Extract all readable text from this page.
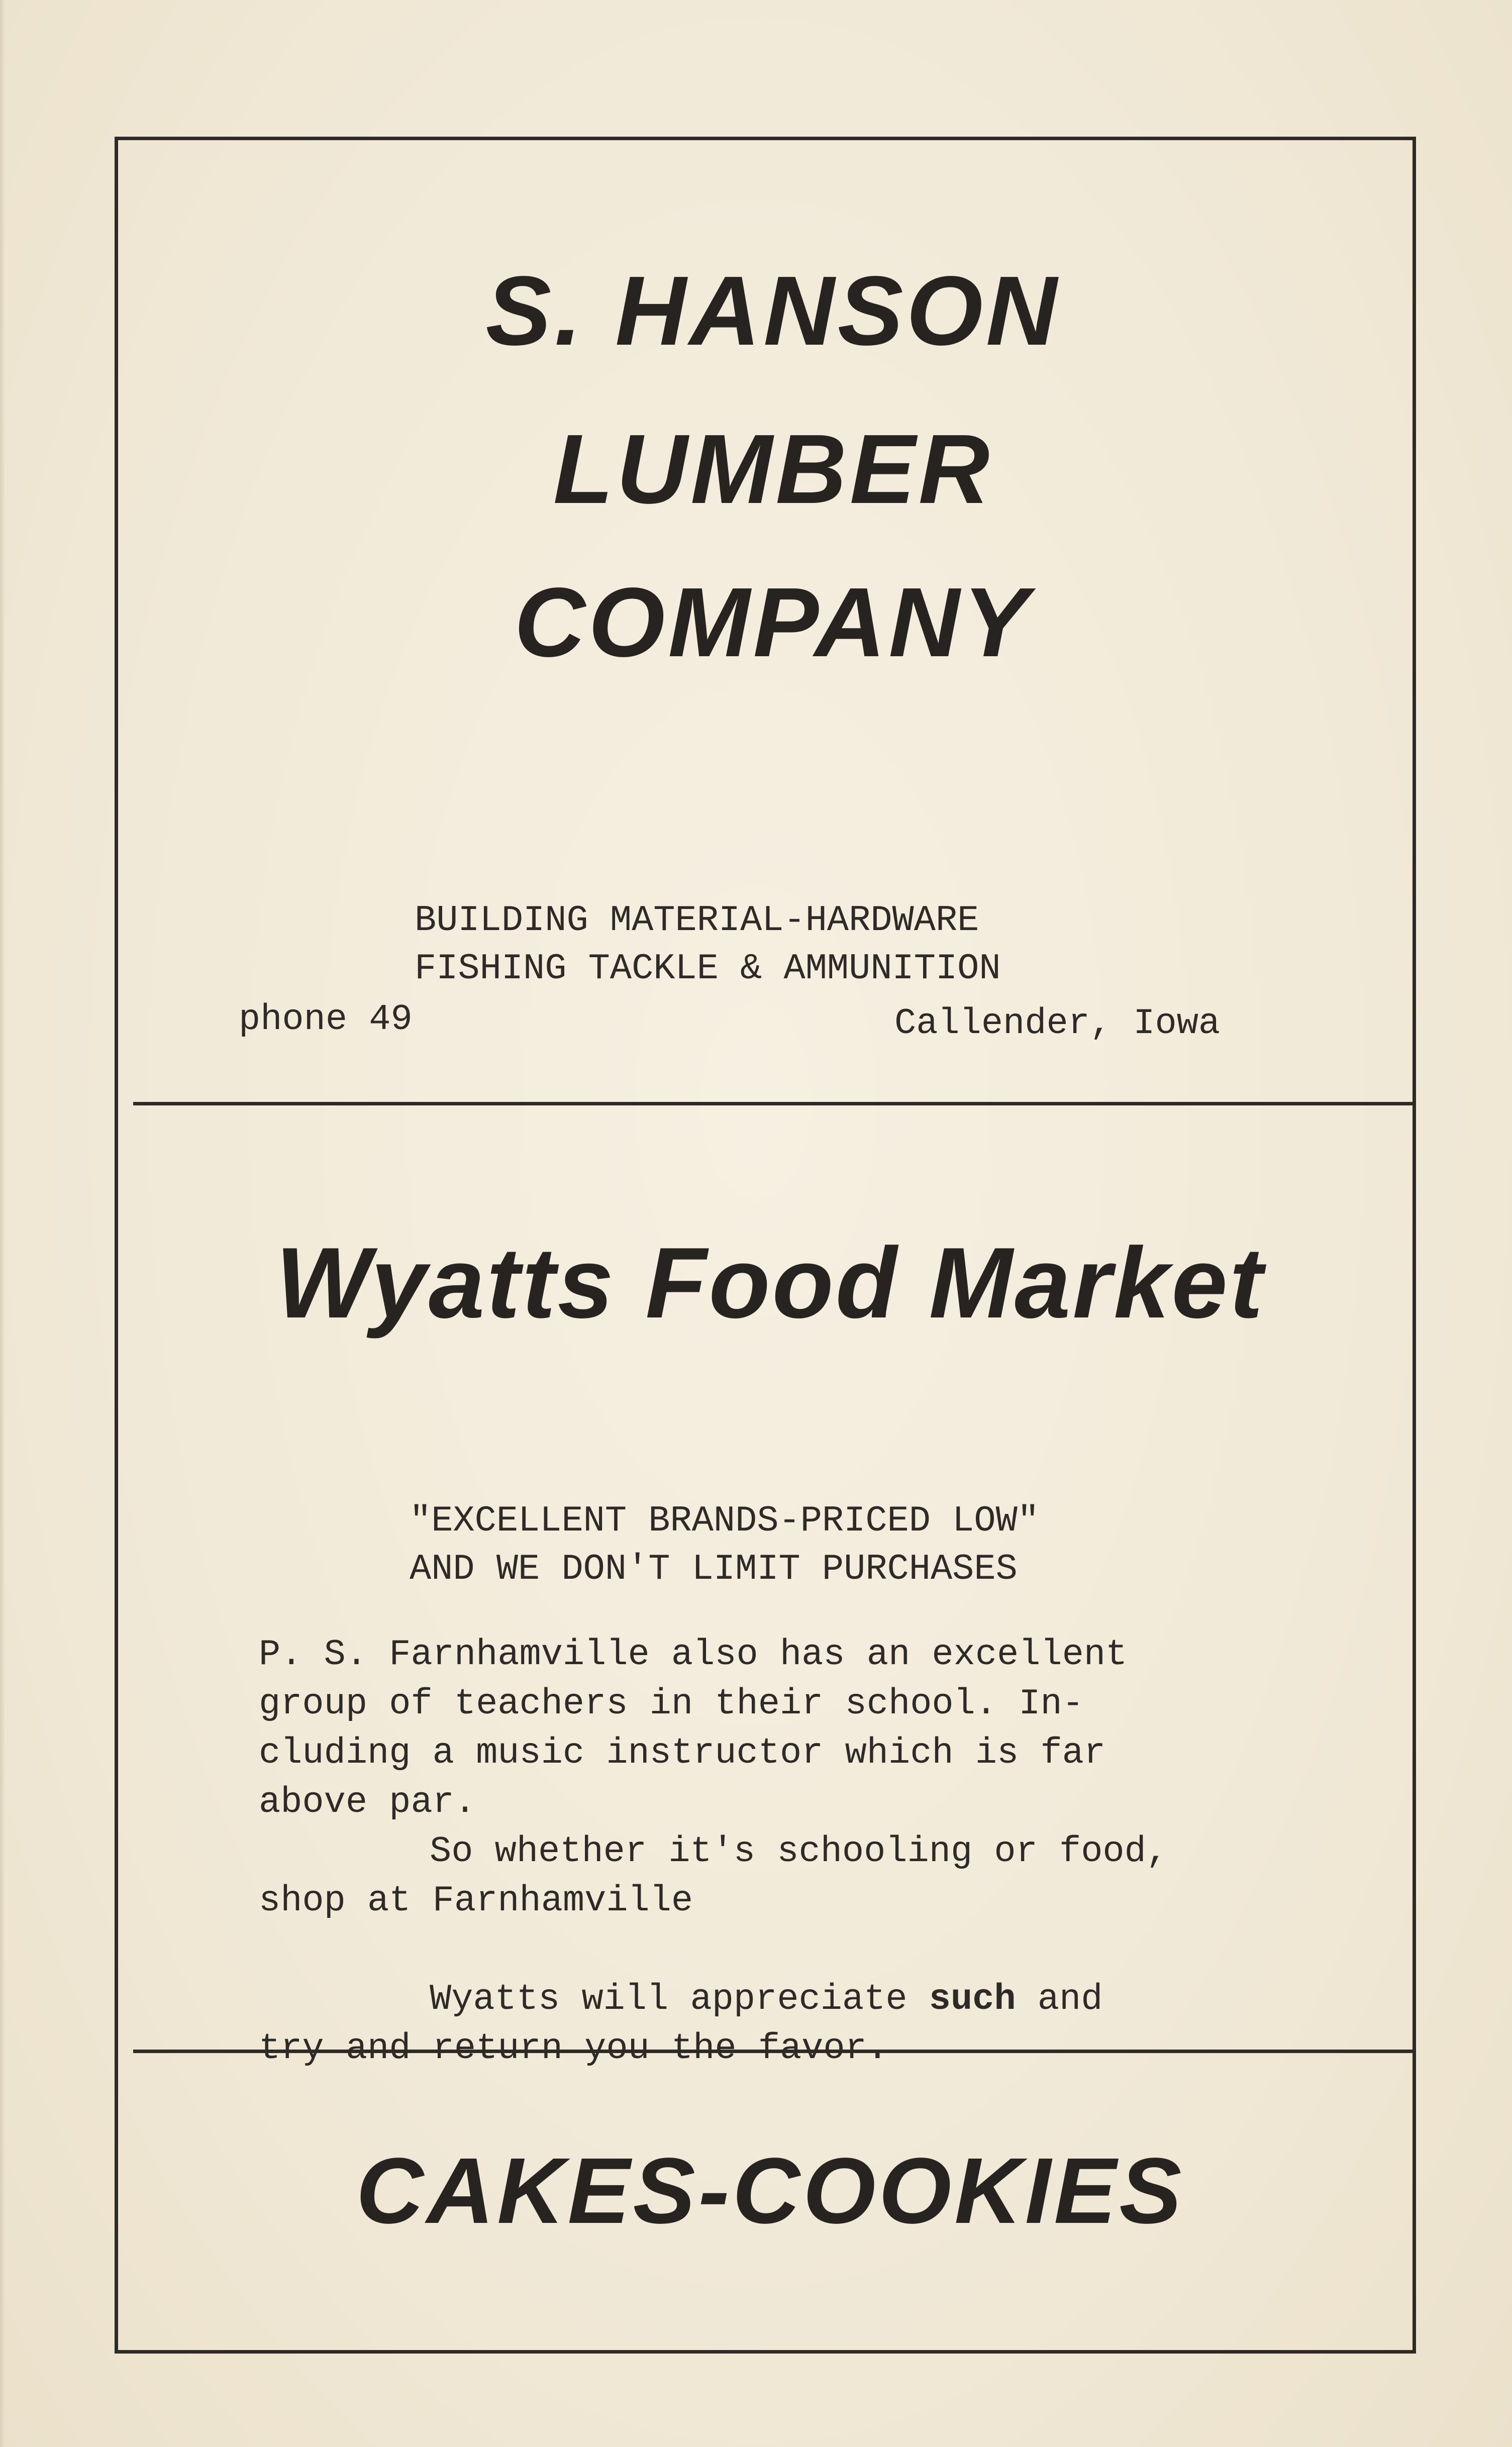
S. HANSON
LUMBER
COMPANY
BUILDING MATERIAL-HARDWARE
FISHING TACKLE & AMMUNITION
phone 49	Callender, Iowa
Wyatts Food Market
"EXCELLENT BRANDS-PRICED LOW"
AND WE DON'T LIMIT PURCHASES

P. S. Farnhamville also has an excellent

group of teachers in their school. In-

cluding a music instructor which is far

above par.

So whether it's schooling or food,

shop at Farnhamville

Wyatts will appreciate such and

try and return you the favor.

CAKES-COOKIES
